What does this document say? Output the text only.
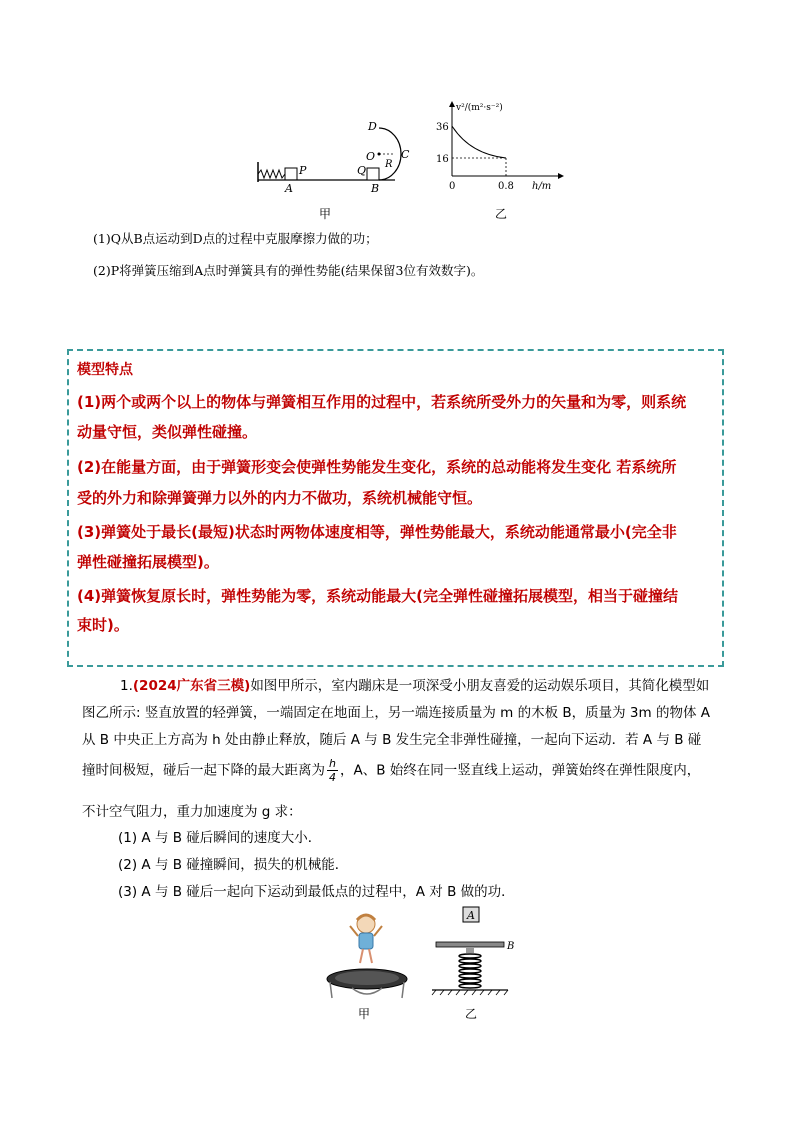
A
P	Q
B
D
O
R
C
甲
v²/(m²·s⁻²)
36
16
0	0.8 h/m
乙
(1)Q从B点运动到D点的过程中克服摩擦力做的功；
(2)P将弹簧压缩到A点时弹簧具有的弹性势能(结果保留3位有效数字)。
模型特点
(1)两个或两个以上的物体与弹簧相互作用的过程中，若系统所受外力的矢量和为零，则系统
动量守恒，类似弹性碰撞。
(2)在能量方面，由于弹簧形变会使弹性势能发生变化，系统的总动能将发生变化 若系统所
受的外力和除弹簧弹力以外的内力不做功，系统机械能守恒。
(3)弹簧处于最长(最短)状态时两物体速度相等，弹性势能最大，系统动能通常最小(完全非
弹性碰撞拓展模型)。
(4)弹簧恢复原长时，弹性势能为零，系统动能最大(完全弹性碰撞拓展模型，相当于碰撞结
束时)。
1.(2024广东省三模)如图甲所示，室内蹦床是一项深受小朋友喜爱的运动娱乐项目，其简化模型如
图乙所示: 竖直放置的轻弹簧，一端固定在地面上，另一端连接质量为 m 的木板 B，质量为 3m 的物体 A
从 B 中央正上方高为 h 处由静止释放，随后 A 与 B 发生完全非弹性碰撞，一起向下运动．若 A 与 B 碰
撞时间极短，碰后一起下降的最大距离为 $\frac{h}{4}$ ，A、B 始终在同一竖直线上运动，弹簧始终在弹性限度内，
不计空气阻力，重力加速度为 g 求：
(1) A 与 B 碰后瞬间的速度大小．
(2) A 与 B 碰撞瞬间，损失的机械能．
(3) A 与 B 碰后一起向下运动到最低点的过程中，A 对 B 做的功．
甲
A
B
乙
